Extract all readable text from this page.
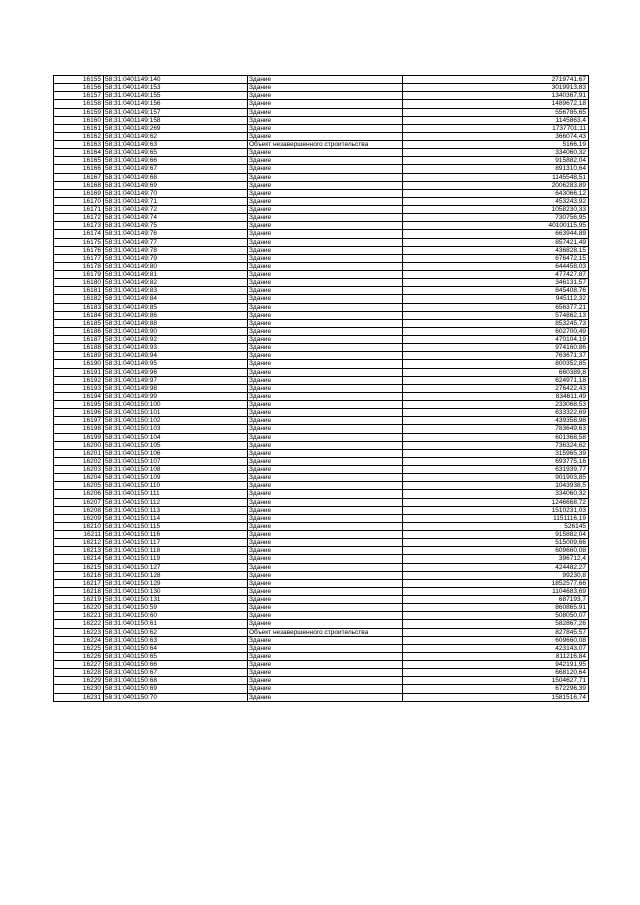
16155	58:31:0401149:140	Здание	2719741,67
16156	58:31:0401149:153	Здание	3019913,83
16157	58:31:0401149:155	Здание	1340367,91
16158	58:31:0401149:156	Здание	1489672,18
16159	58:31:0401149:157	Здание	556785,65
16160	58:31:0401149:158	Здание	1145863,4
16161	58:31:0401149:269	Здание	1737701,11
16162	58:31:0401149:62	Здание	366074,43
16163	58:31:0401149:63	Объект незавершенного строительства	5166,19
16164	58:31:0401149:65	Здание	334060,32
16165	58:31:0401149:66	Здание	915882,04
16166	58:31:0401149:67	Здание	891310,64
16167	58:31:0401149:68	Здание	1145548,51
16168	58:31:0401149:69	Здание	2006283,89
16169	58:31:0401149:70	Здание	643066,12
16170	58:31:0401149:71	Здание	453243,92
16171	58:31:0401149:72	Здание	1058230,33
16172	58:31:0401149:74	Здание	730756,95
16173	58:31:0401149:75	Здание	40100115,95
16174	58:31:0401149:76	Здание	663944,89
16175	58:31:0401149:77	Здание	857421,49
16176	58:31:0401149:78	Здание	436828,15
16177	58:31:0401149:79	Здание	676472,15
16178	58:31:0401149:80	Здание	644458,03
16179	58:31:0401149:81	Здание	477427,87
16180	58:31:0401149:82	Здание	346131,57
16181	58:31:0401149:83	Здание	845408,76
16182	58:31:0401149:84	Здание	945112,32
16183	58:31:0401149:85	Здание	656377,21
16184	58:31:0401149:86	Здание	574862,13
16185	58:31:0401149:88	Здание	853245,73
16186	58:31:0401149:90	Здание	602700,49
16187	58:31:0401149:92	Здание	470104,19
16188	58:31:0401149:93	Здание	974160,86
16189	58:31:0401149:94	Здание	763671,37
16190	58:31:0401149:95	Здание	800352,85
16191	58:31:0401149:96	Здание	660389,8
16192	58:31:0401149:97	Здание	624971,18
16193	58:31:0401149:98	Здание	276422,43
16194	58:31:0401149:99	Здание	834611,49
16195	58:31:0401150:100	Здание	233068,53
16196	58:31:0401150:101	Здание	633322,69
16197	58:31:0401150:102	Здание	439358,98
16198	58:31:0401150:103	Здание	783649,63
16199	58:31:0401150:104	Здание	601368,58
16200	58:31:0401150:105	Здание	736324,62
16201	58:31:0401150:106	Здание	315965,39
16202	58:31:0401150:107	Здание	693775,16
16203	58:31:0401150:108	Здание	631939,77
16204	58:31:0401150:109	Здание	901903,85
16205	58:31:0401150:110	Здание	1043938,5
16206	58:31:0401150:111	Здание	334060,32
16207	58:31:0401150:112	Здание	1246668,72
16208	58:31:0401150:113	Здание	1510231,03
16209	58:31:0401150:114	Здание	1151116,19
16210	58:31:0401150:115	Здание	526145
16211	58:31:0401150:116	Здание	915882,04
16212	58:31:0401150:117	Здание	515009,66
16213	58:31:0401150:118	Здание	609660,08
16214	58:31:0401150:119	Здание	396712,4
16215	58:31:0401150:127	Здание	424482,27
16216	58:31:0401150:128	Здание	99230,8
16217	58:31:0401150:129	Здание	1852577,66
16218	58:31:0401150:130	Здание	1104683,69
16219	58:31:0401150:131	Здание	687193,7
16220	58:31:0401150:59	Здание	860865,91
16221	58:31:0401150:60	Здание	508050,07
16222	58:31:0401150:61	Здание	582867,26
16223	58:31:0401150:62	Объект незавершенного строительства	827845,57
16224	58:31:0401150:63	Здание	609660,08
16225	58:31:0401150:64	Здание	423143,07
16226	58:31:0401150:65	Здание	811216,84
16227	58:31:0401150:66	Здание	942191,95
16228	58:31:0401150:67	Здание	668120,64
16229	58:31:0401150:68	Здание	1504627,71
16230	58:31:0401150:69	Здание	672296,39
16231	58:31:0401150:70	Здание	1581516,74
